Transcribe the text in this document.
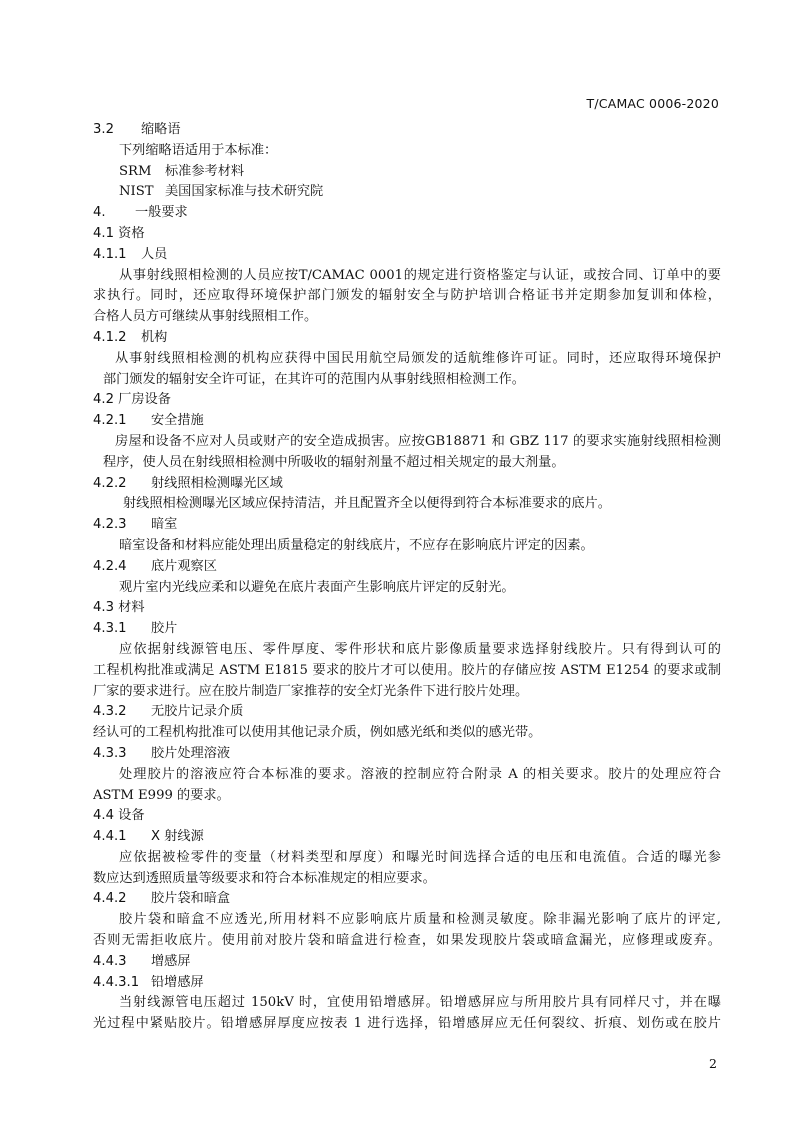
T/CAMAC 0006-2020
3.2 缩略语
下列缩略语适用于本标准：
SRM 标准参考材料
NIST 美国国家标准与技术研究院
4. 一般要求
4.1 资格
4.1.1 人员
从事射线照相检测的人员应按T/CAMAC 0001的规定进行资格鉴定与认证，或按合同、订单中的要
求执行。同时，还应取得环境保护部门颁发的辐射安全与防护培训合格证书并定期参加复训和体检，
合格人员方可继续从事射线照相工作。
4.1.2 机构
从事射线照相检测的机构应获得中国民用航空局颁发的适航维修许可证。同时，还应取得环境保护
部门颁发的辐射安全许可证，在其许可的范围内从事射线照相检测工作。
4.2 厂房设备
4.2.1 安全措施
房屋和设备不应对人员或财产的安全造成损害。应按GB18871 和 GBZ 117 的要求实施射线照相检测
程序，使人员在射线照相检测中所吸收的辐射剂量不超过相关规定的最大剂量。
4.2.2 射线照相检测曝光区域
射线照相检测曝光区域应保持清洁，并且配置齐全以便得到符合本标准要求的底片。
4.2.3 暗室
暗室设备和材料应能处理出质量稳定的射线底片，不应存在影响底片评定的因素。
4.2.4 底片观察区
观片室内光线应柔和以避免在底片表面产生影响底片评定的反射光。
4.3 材料
4.3.1 胶片
应依据射线源管电压、零件厚度、零件形状和底片影像质量要求选择射线胶片。只有得到认可的
工程机构批准或满足 ASTM E1815 要求的胶片才可以使用。胶片的存储应按 ASTM E1254 的要求或制
厂家的要求进行。应在胶片制造厂家推荐的安全灯光条件下进行胶片处理。
4.3.2 无胶片记录介质
经认可的工程机构批准可以使用其他记录介质，例如感光纸和类似的感光带。
4.3.3 胶片处理溶液
处理胶片的溶液应符合本标准的要求。溶液的控制应符合附录 A 的相关要求。胶片的处理应符合
ASTM E999 的要求。
4.4 设备
4.4.1 X 射线源
应依据被检零件的变量（材料类型和厚度）和曝光时间选择合适的电压和电流值。合适的曝光参
数应达到透照质量等级要求和符合本标准规定的相应要求。
4.4.2 胶片袋和暗盒
胶片袋和暗盒不应透光,所用材料不应影响底片质量和检测灵敏度。除非漏光影响了底片的评定,
否则无需拒收底片。使用前对胶片袋和暗盒进行检查，如果发现胶片袋或暗盒漏光，应修理或废弃。
4.4.3 增感屏
4.4.3.1 铅增感屏
当射线源管电压超过 150kV 时，宜使用铅增感屏。铅增感屏应与所用胶片具有同样尺寸，并在曝
光过程中紧贴胶片。铅增感屏厚度应按表 1 进行选择，铅增感屏应无任何裂纹、折痕、划伤或在胶片
2
